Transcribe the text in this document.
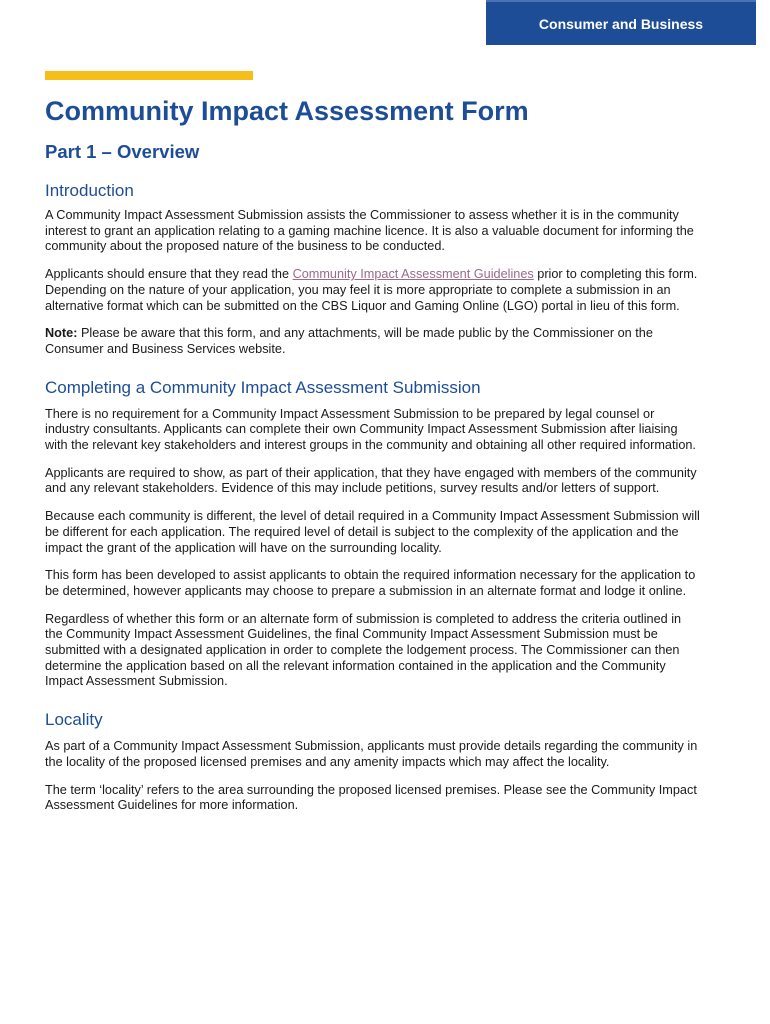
Consumer and Business
Community Impact Assessment Form
Part 1 – Overview
Introduction

A Community Impact Assessment Submission assists the Commissioner to assess whether it is in the community interest to grant an application relating to a gaming machine licence. It is also a valuable document for informing the community about the proposed nature of the business to be conducted.

Applicants should ensure that they read the Community Impact Assessment Guidelines prior to completing this form. Depending on the nature of your application, you may feel it is more appropriate to complete a submission in an alternative format which can be submitted on the CBS Liquor and Gaming Online (LGO) portal in lieu of this form.

Note: Please be aware that this form, and any attachments, will be made public by the Commissioner on the Consumer and Business Services website.

Completing a Community Impact Assessment Submission

There is no requirement for a Community Impact Assessment Submission to be prepared by legal counsel or industry consultants. Applicants can complete their own Community Impact Assessment Submission after liaising with the relevant key stakeholders and interest groups in the community and obtaining all other required information.

Applicants are required to show, as part of their application, that they have engaged with members of the community and any relevant stakeholders. Evidence of this may include petitions, survey results and/or letters of support.

Because each community is different, the level of detail required in a Community Impact Assessment Submission will be different for each application. The required level of detail is subject to the complexity of the application and the impact the grant of the application will have on the surrounding locality.

This form has been developed to assist applicants to obtain the required information necessary for the application to be determined, however applicants may choose to prepare a submission in an alternate format and lodge it online.

Regardless of whether this form or an alternate form of submission is completed to address the criteria outlined in the Community Impact Assessment Guidelines, the final Community Impact Assessment Submission must be submitted with a designated application in order to complete the lodgement process. The Commissioner can then determine the application based on all the relevant information contained in the application and the Community Impact Assessment Submission.

Locality

As part of a Community Impact Assessment Submission, applicants must provide details regarding the community in the locality of the proposed licensed premises and any amenity impacts which may affect the locality.

The term ‘locality’ refers to the area surrounding the proposed licensed premises. Please see the Community Impact Assessment Guidelines for more information.
